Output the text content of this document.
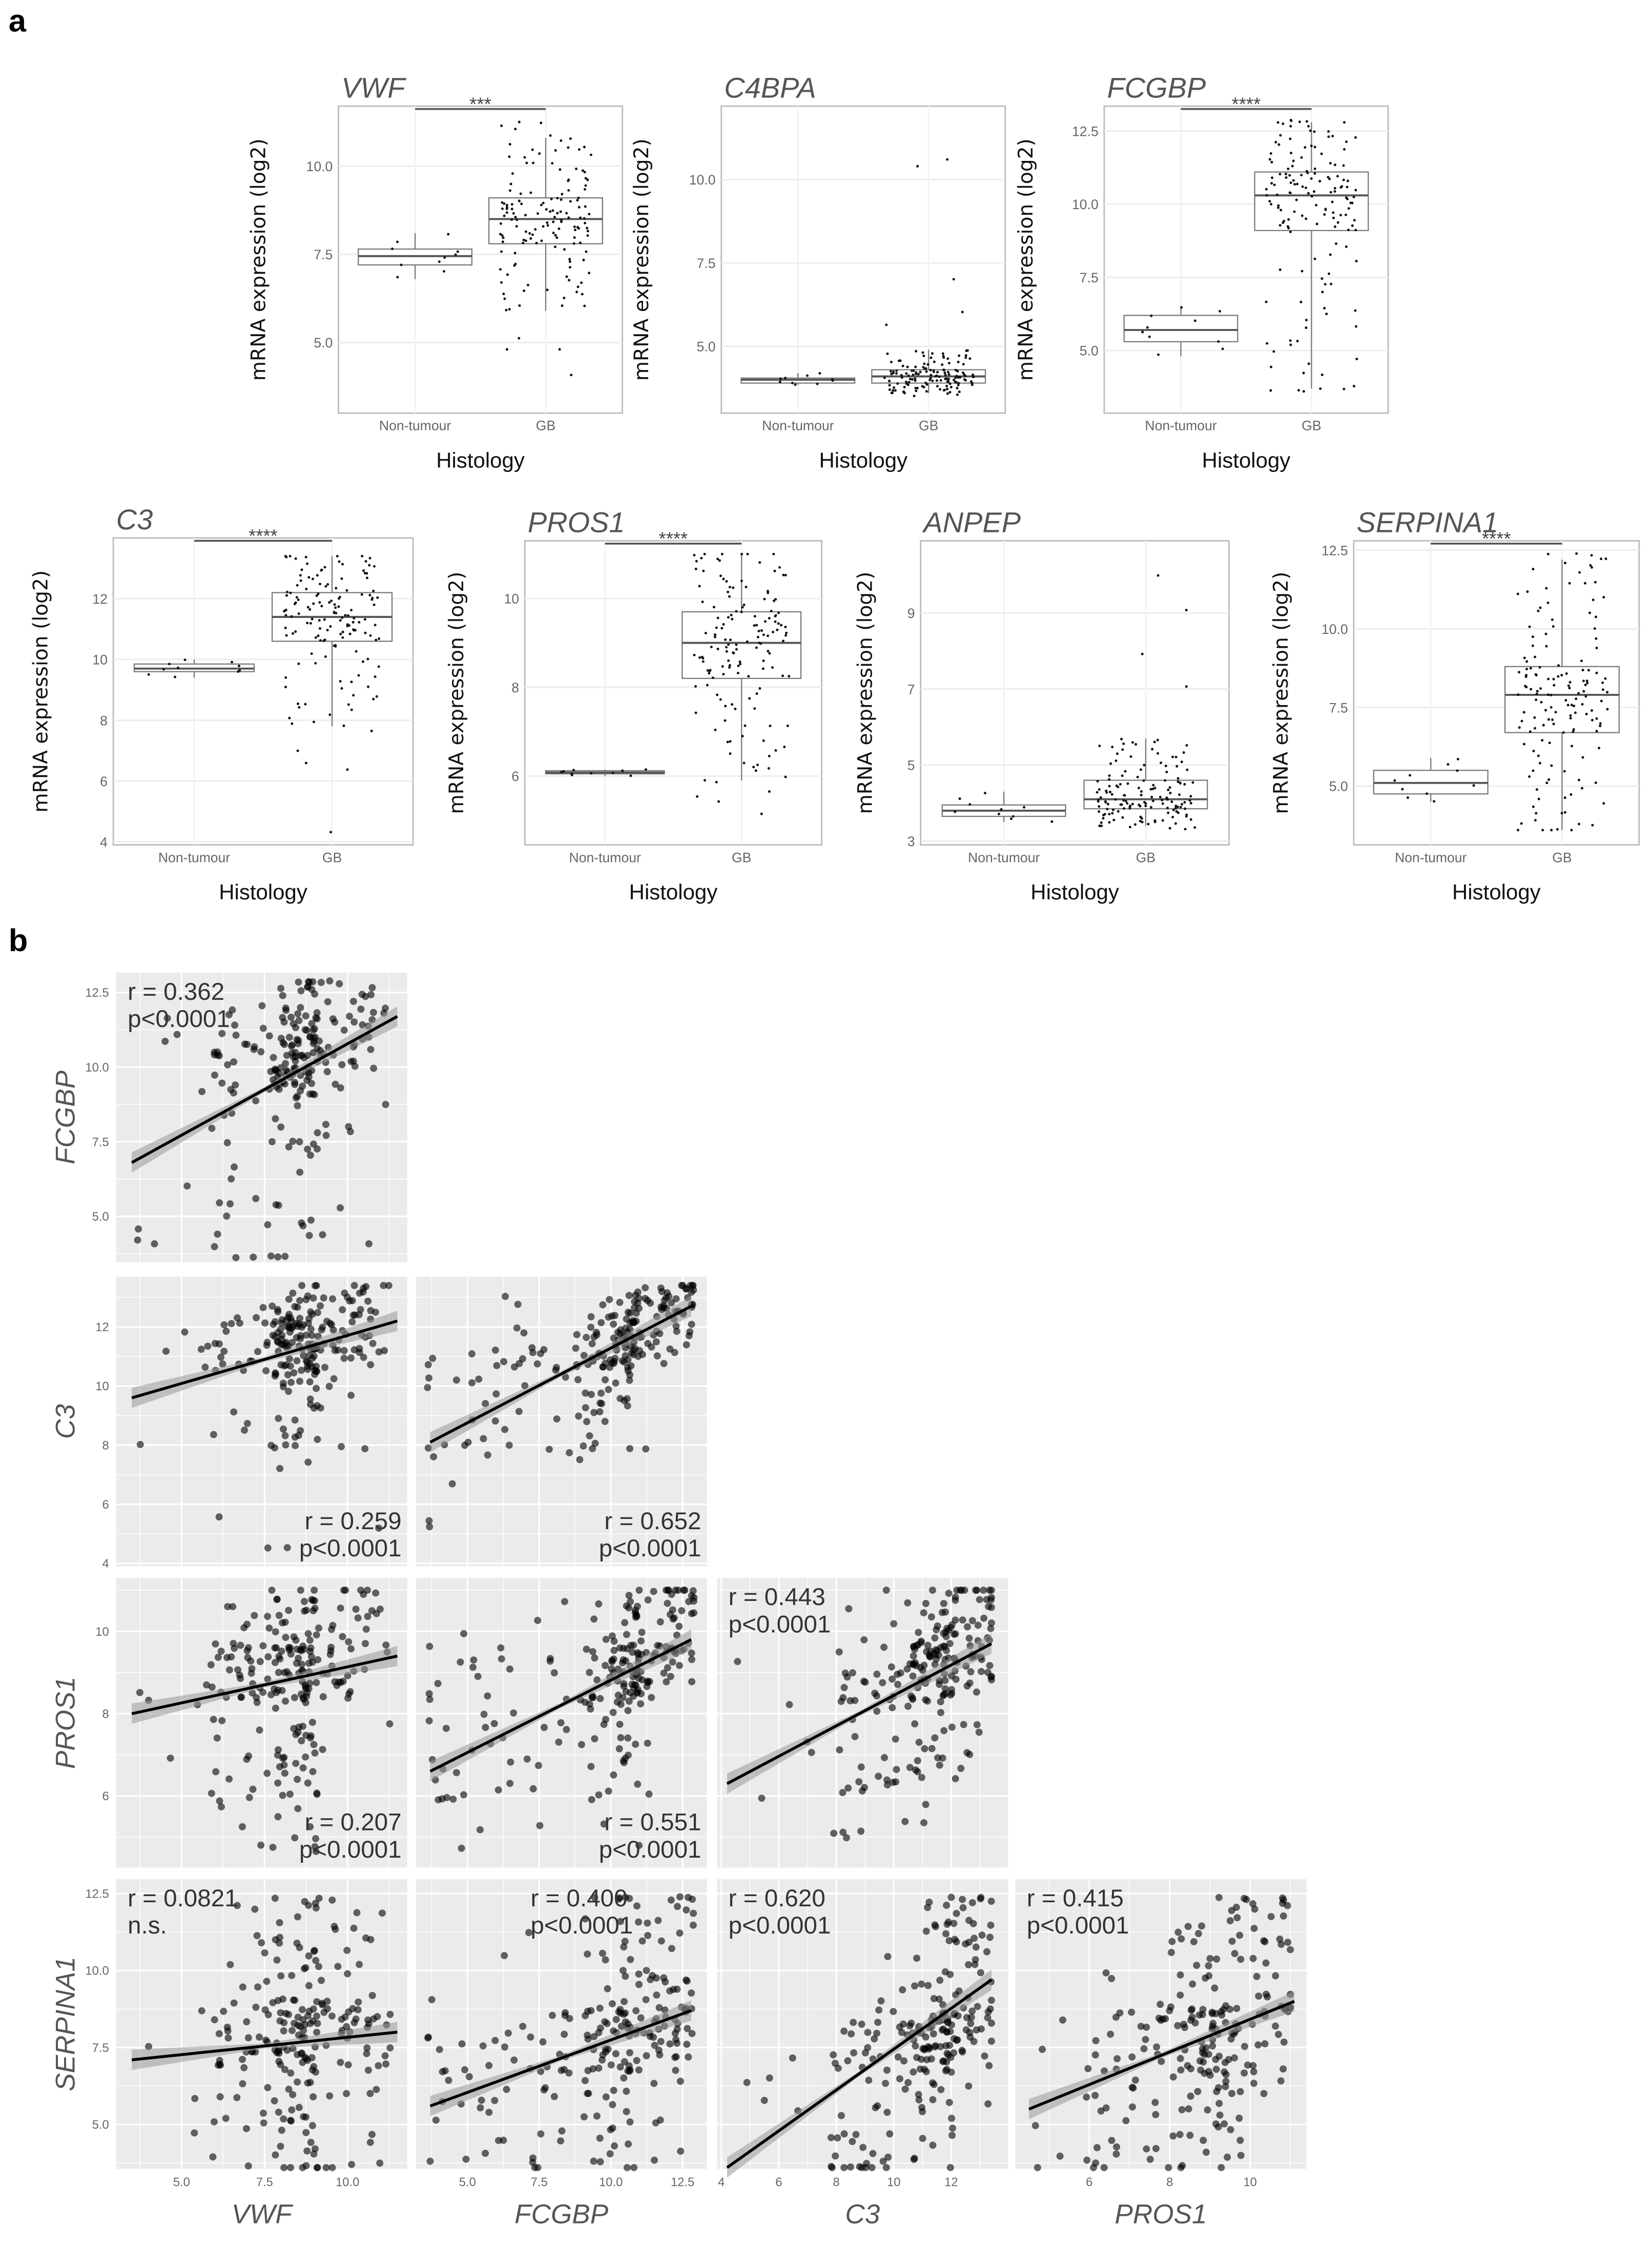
a
b
5.0
7.5
10.0
VWF
Non-tumour	GB
***
Histology
mRNA expression (log2)	5.0
7.5
10.0
C4BPA
Non-tumour	GB
Histology
mRNA expression (log2)	5.0
7.5
10.0
12.5
FCGBP
Non-tumour	GB
****
Histology
mRNA expression (log2)
4
6
8
10
12
C3
Non-tumour	GB
****
Histology
mRNA expression (log2)	6
8
10
PROS1
Non-tumour	GB
****
Histology
mRNA expression (log2)
3
5
7
9
ANPEP
Non-tumour	GB
Histology
mRNA expression (log2)	5.0
7.5
10.0
12.5
SERPINA1
Non-tumour	GB
****
Histology
mRNA expression (log2)
FCGBP
C3
PROS1
SERPINA1
VWF	FCGBP	C3	PROS1
5.0
7.5
10.0
12.5 r = 0.362
p<0.0001
4
6
8
10
12
r = 0.259
p<0.0001
r = 0.652
p<0.0001
6
8
10
r = 0.207
p<0.0001
r = 0.551
p<0.0001
r = 0.443
p<0.0001
5.0
7.5
10.0
12.5
5.0	7.5	10.0
r = 0.0821
n.s.
5.0	7.5	10.0	12.5
r = 0.400
p<0.0001
4	6	8	10	12
r = 0.620
p<0.0001
6	8	10
r = 0.415
p<0.0001
